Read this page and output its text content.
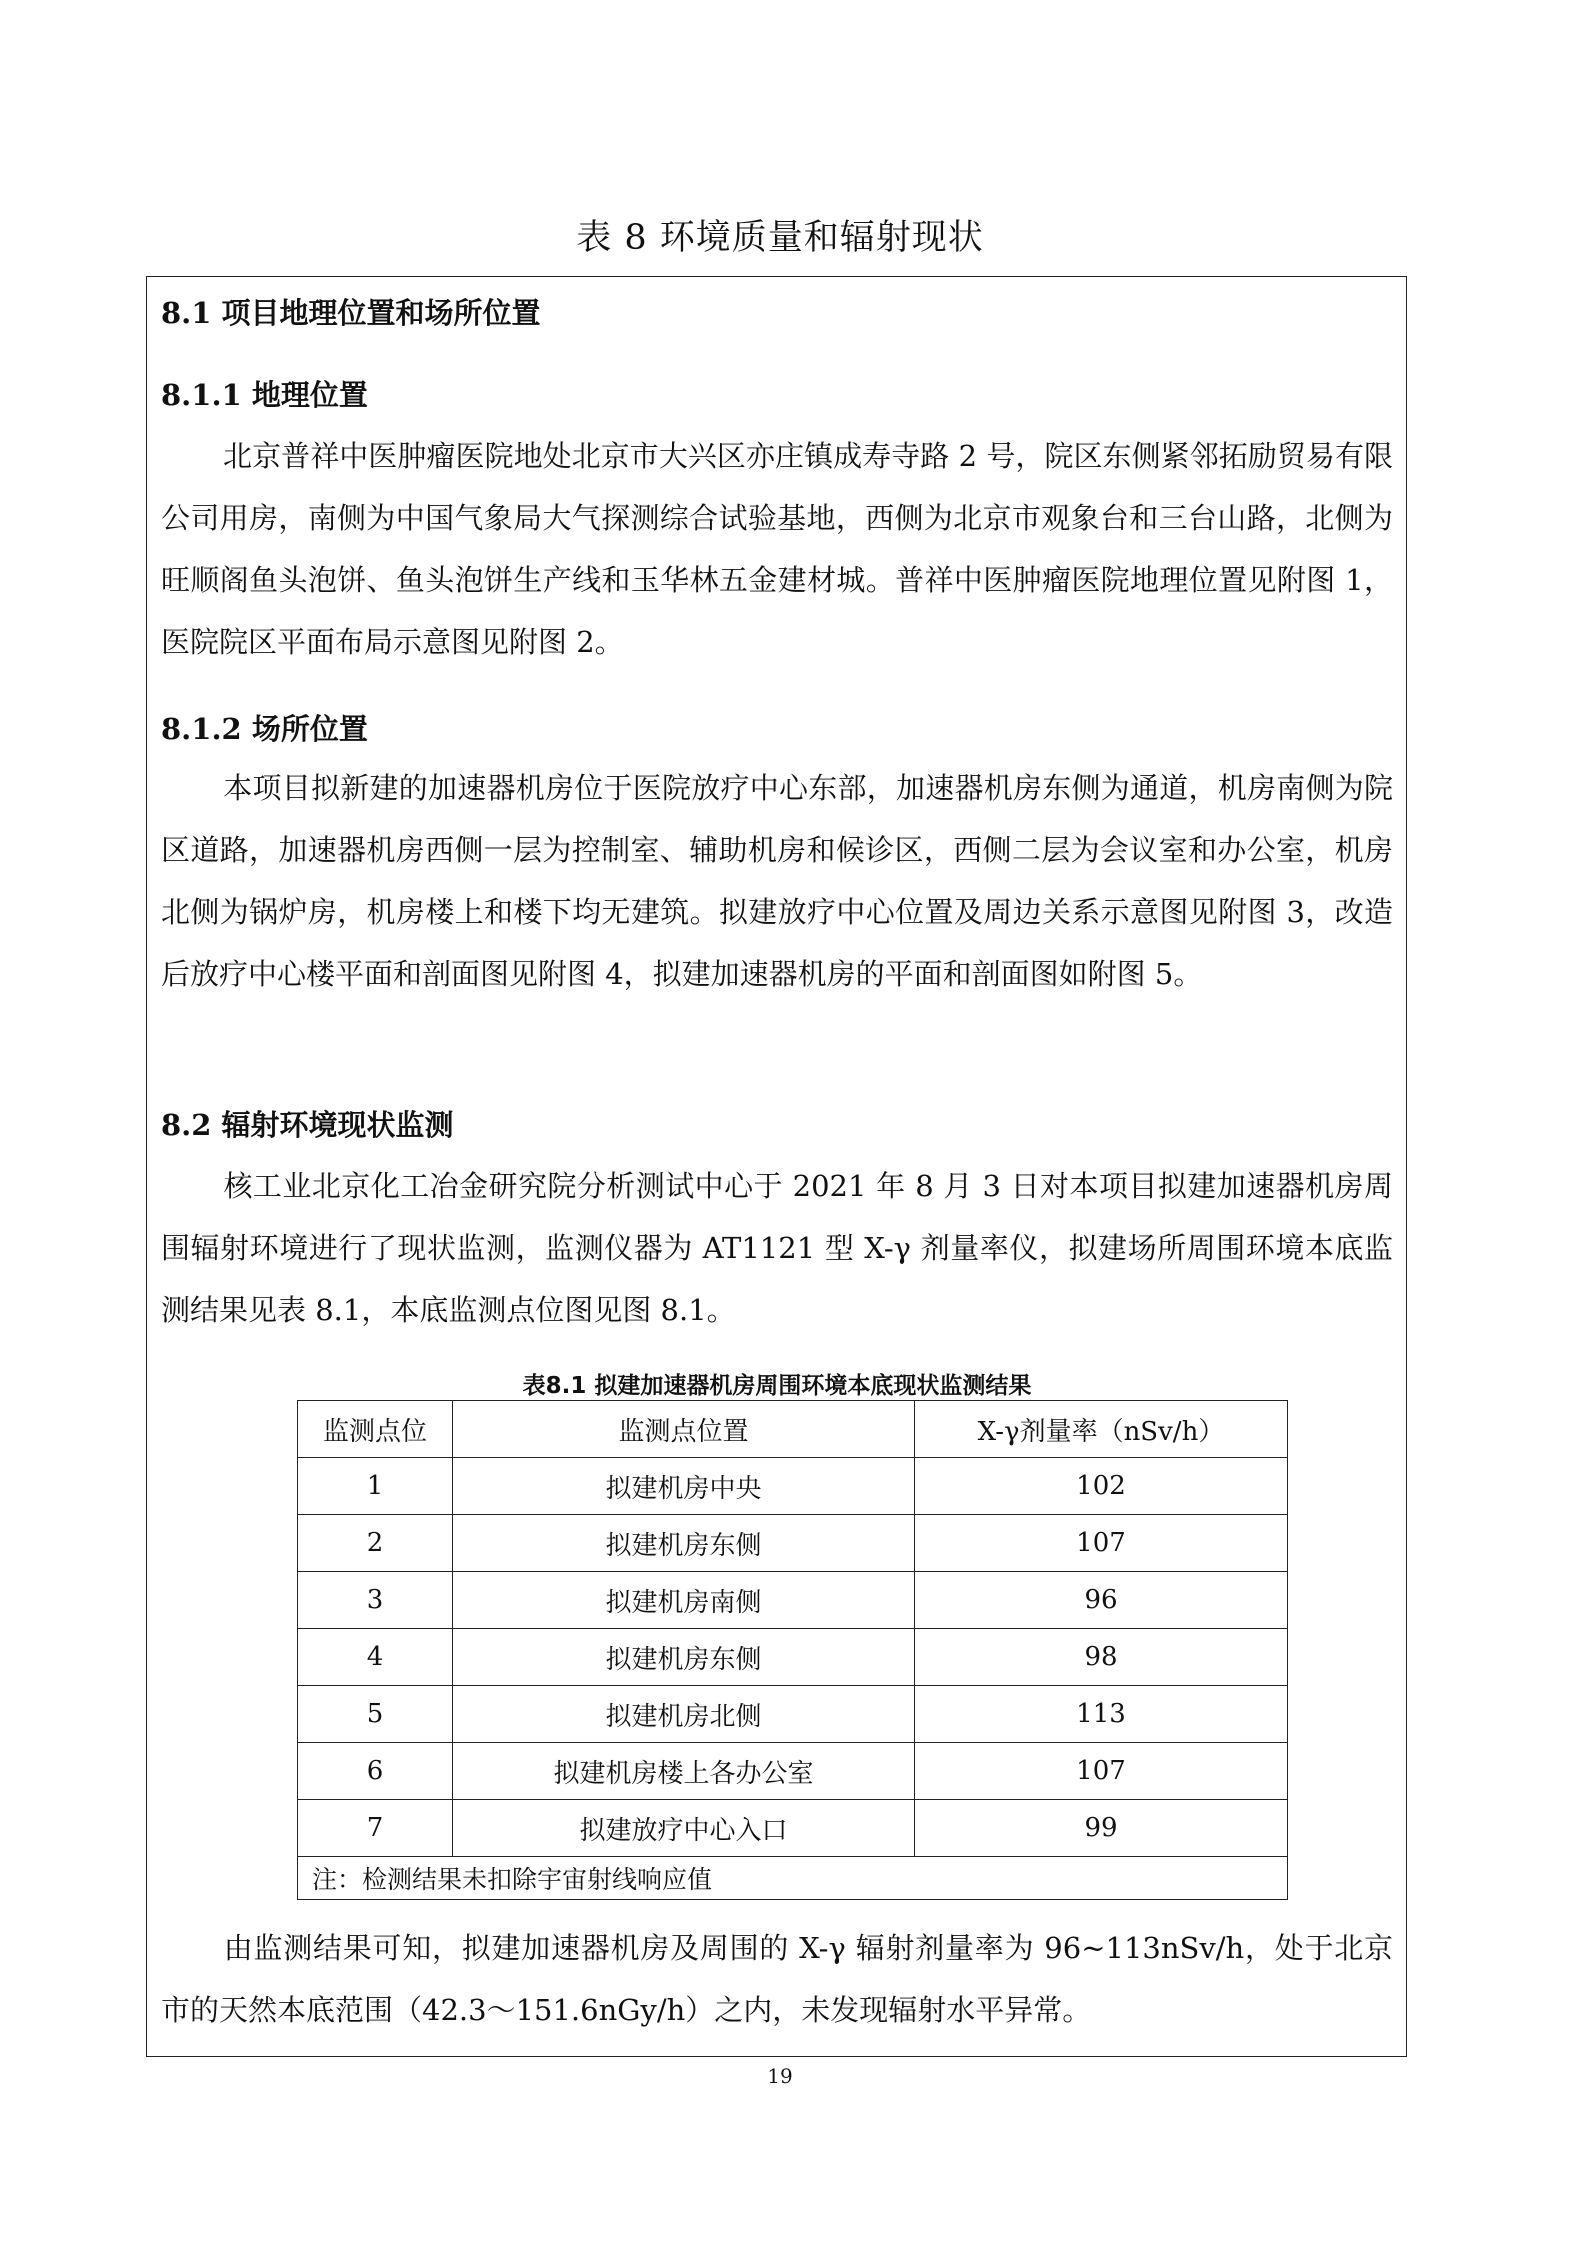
表 8 环境质量和辐射现状
8.1 项目地理位置和场所位置
8.1.1 地理位置

北京普祥中医肿瘤医院地处北京市大兴区亦庄镇成寿寺路 2 号，院区东侧紧邻拓励贸易有限公司用房，南侧为中国气象局大气探测综合试验基地，西侧为北京市观象台和三台山路，北侧为旺顺阁鱼头泡饼、鱼头泡饼生产线和玉华林五金建材城。普祥中医肿瘤医院地理位置见附图 1，医院院区平面布局示意图见附图 2。

8.1.2 场所位置

本项目拟新建的加速器机房位于医院放疗中心东部，加速器机房东侧为通道，机房南侧为院区道路，加速器机房西侧一层为控制室、辅助机房和候诊区，西侧二层为会议室和办公室，机房北侧为锅炉房，机房楼上和楼下均无建筑。拟建放疗中心位置及周边关系示意图见附图 3，改造后放疗中心楼平面和剖面图见附图 4，拟建加速器机房的平面和剖面图如附图 5。

8.2 辐射环境现状监测

核工业北京化工冶金研究院分析测试中心于 2021 年 8 月 3 日对本项目拟建加速器机房周围辐射环境进行了现状监测，监测仪器为 AT1121 型 X-γ 剂量率仪，拟建场所周围环境本底监测结果见表 8.1，本底监测点位图见图 8.1。

表8.1 拟建加速器机房周围环境本底现状监测结果
监测点位	监测点位置	X-γ剂量率（nSv/h）
1	拟建机房中央	102
2	拟建机房东侧	107
3	拟建机房南侧	96
4	拟建机房东侧	98
5	拟建机房北侧	113
6	拟建机房楼上各办公室	107
7	拟建放疗中心入口	99
注：检测结果未扣除宇宙射线响应值		

由监测结果可知，拟建加速器机房及周围的 X-γ 辐射剂量率为 96~113nSv/h，处于北京市的天然本底范围（42.3～151.6nGy/h）之内，未发现辐射水平异常。

19
